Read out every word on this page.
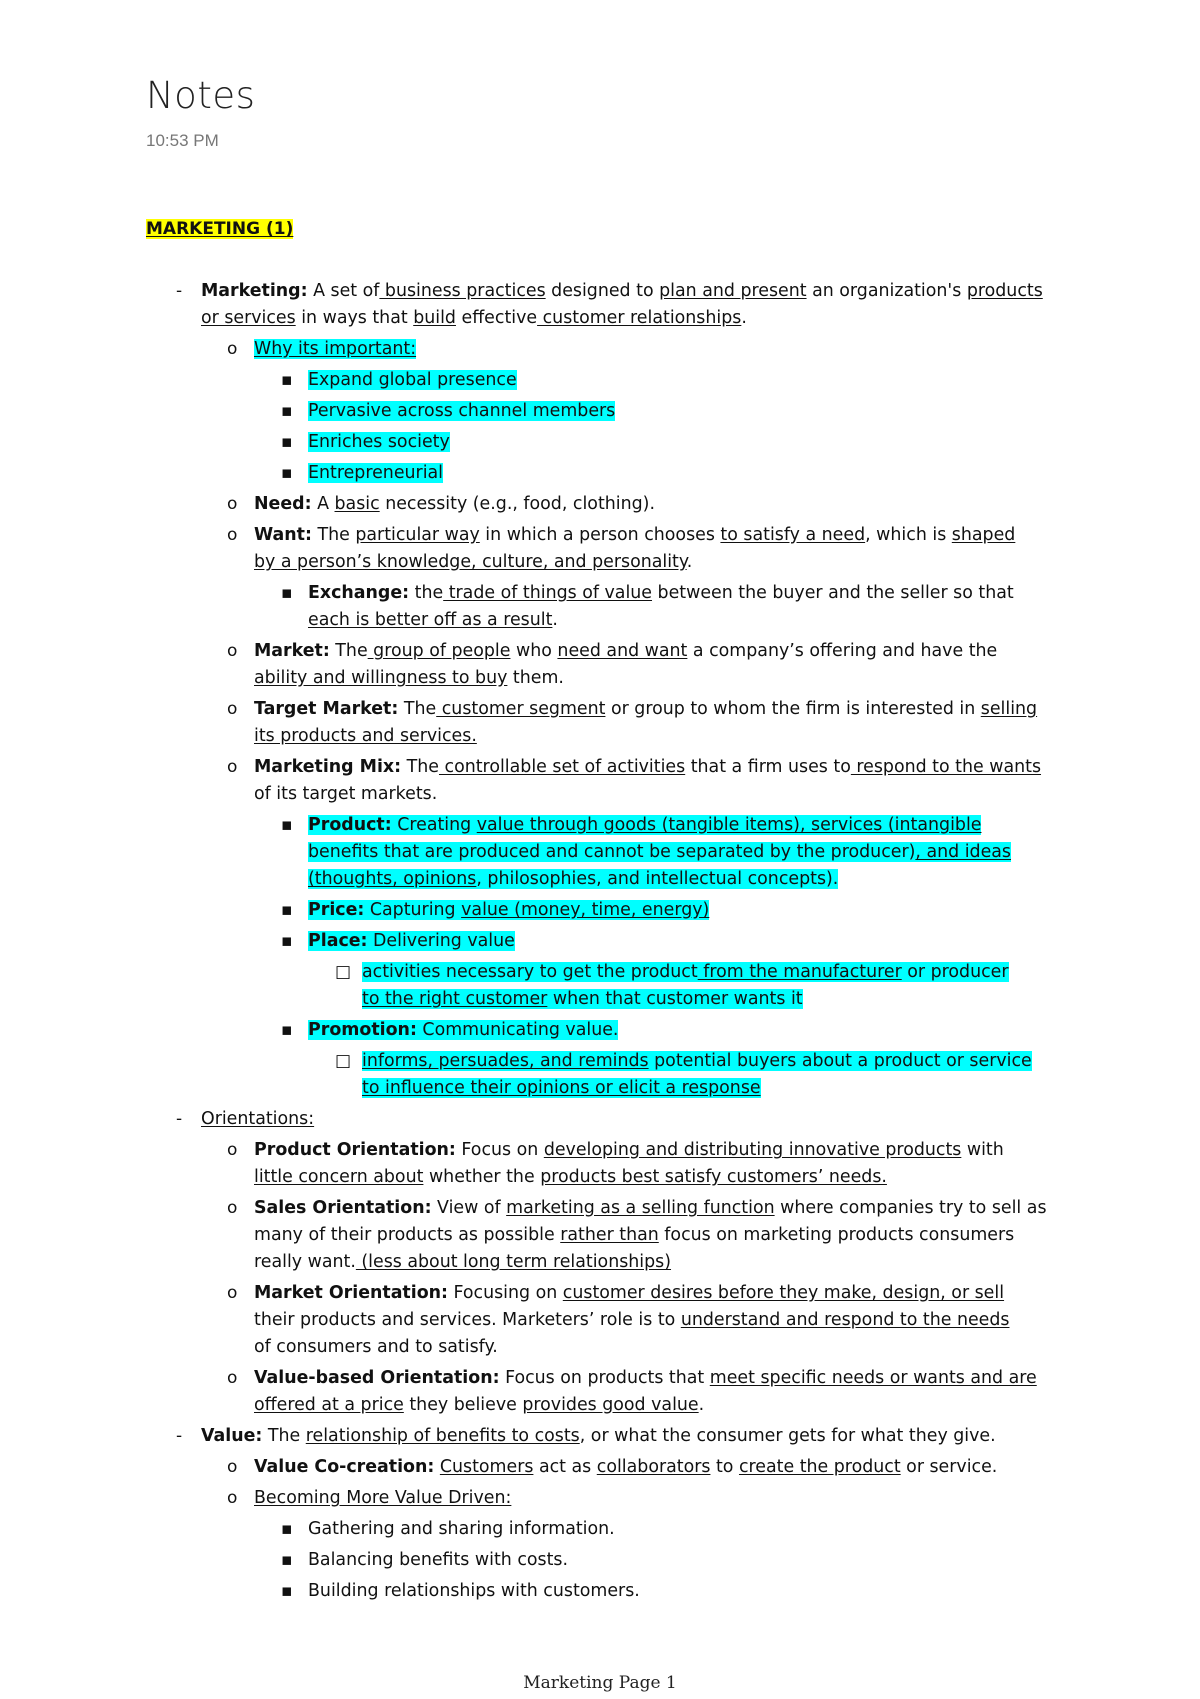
Notes
10:53 PM
MARKETING (1)
- Marketing: A set of business practices designed to plan and present an organization's products
or services in ways that build effective customer relationships.
o Why its important:
▪ Expand global presence
▪ Pervasive across channel members
▪ Enriches society
▪ Entrepreneurial
o Need: A basic necessity (e.g., food, clothing).
o Want: The particular way in which a person chooses to satisfy a need, which is shaped
by a person’s knowledge, culture, and personality.
▪ Exchange: the trade of things of value between the buyer and the seller so that
each is better off as a result.
o Market: The group of people who need and want a company’s offering and have the
ability and willingness to buy them.
o Target Market: The customer segment or group to whom the firm is interested in selling
its products and services.
o Marketing Mix: The controllable set of activities that a firm uses to respond to the wants
of its target markets.
▪ Product: Creating value through goods (tangible items), services (intangible
benefits that are produced and cannot be separated by the producer), and ideas
(thoughts, opinions, philosophies, and intellectual concepts).
▪ Price: Capturing value (money, time, energy)
▪ Place: Delivering value
□ activities necessary to get the product from the manufacturer or producer
to the right customer when that customer wants it
▪ Promotion: Communicating value.
□ informs, persuades, and reminds potential buyers about a product or service
to influence their opinions or elicit a response
- Orientations:
o Product Orientation: Focus on developing and distributing innovative products with
little concern about whether the products best satisfy customers’ needs.
o Sales Orientation: View of marketing as a selling function where companies try to sell as
many of their products as possible rather than focus on marketing products consumers
really want. (less about long term relationships)
o Market Orientation: Focusing on customer desires before they make, design, or sell
their products and services. Marketers’ role is to understand and respond to the needs
of consumers and to satisfy.
o Value-based Orientation: Focus on products that meet specific needs or wants and are
offered at a price they believe provides good value.
- Value: The relationship of benefits to costs, or what the consumer gets for what they give.
o Value Co-creation: Customers act as collaborators to create the product or service.
o Becoming More Value Driven:
▪ Gathering and sharing information.
▪ Balancing benefits with costs.
▪ Building relationships with customers.
Marketing Page 1
